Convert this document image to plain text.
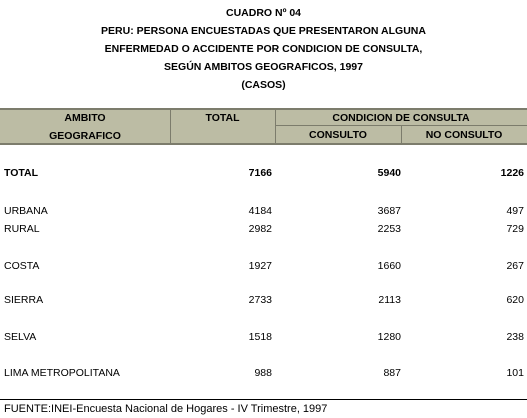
CUADRO Nº 04
PERU: PERSONA ENCUESTADAS QUE PRESENTARON ALGUNA
ENFERMEDAD O ACCIDENTE POR CONDICION DE CONSULTA,
SEGÚN AMBITOS GEOGRAFICOS, 1997
(CASOS)
AMBITO
GEOGRAFICO
TOTAL	CONDICION DE CONSULTA
CONSULTO	NO CONSULTO
TOTAL	7166	5940	1226
URBANA	4184	3687	497
RURAL	2982	2253	729
COSTA	1927	1660	267
SIERRA	2733	2113	620
SELVA	1518	1280	238
LIMA METROPOLITANA	988	887	101
FUENTE:INEI-Encuesta Nacional de Hogares - IV Trimestre, 1997
